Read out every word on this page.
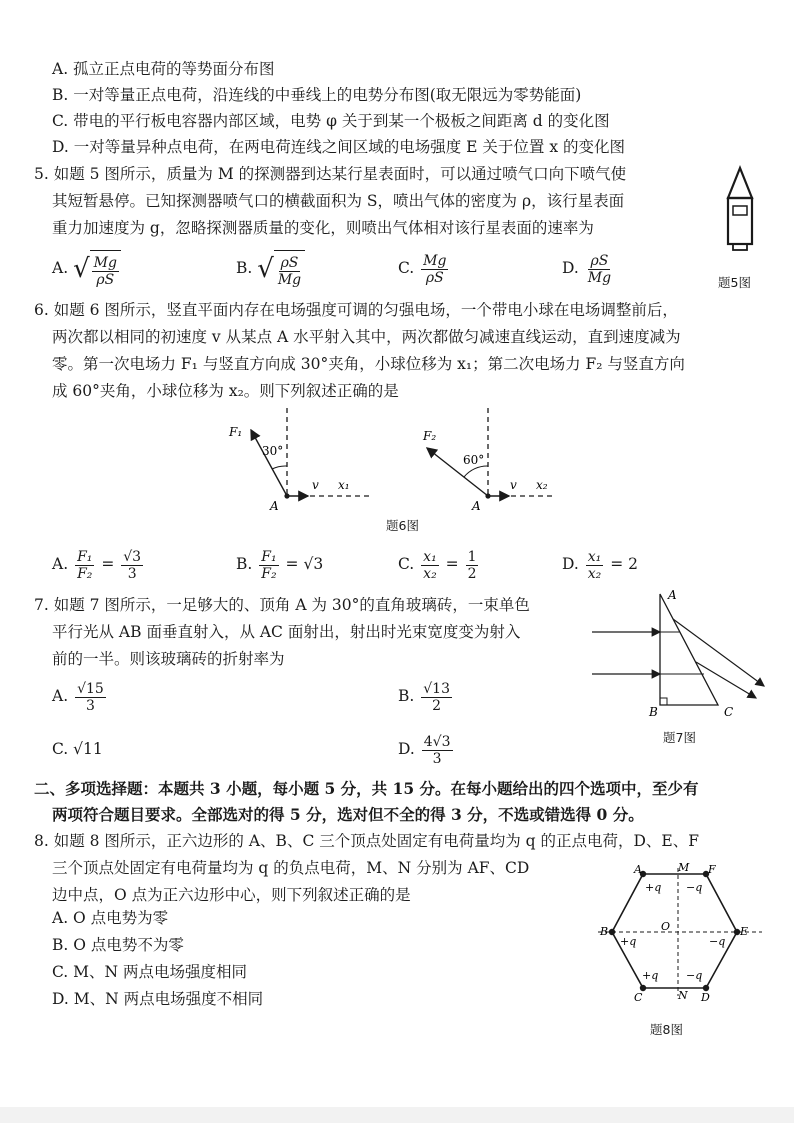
A. 孤立正点电荷的等势面分布图
B. 一对等量正点电荷，沿连线的中垂线上的电势分布图(取无限远为零势能面)
C. 带电的平行板电容器内部区域，电势 φ 关于到某一个极板之间距离 d 的变化图
D. 一对等量异种点电荷，在两电荷连线之间区域的电场强度 E 关于位置 x 的变化图
5. 如题 5 图所示，质量为 M 的探测器到达某行星表面时，可以通过喷气口向下喷气使
其短暂悬停。已知探测器喷气口的横截面积为 S，喷出气体的密度为 ρ，该行星表面
重力加速度为 g，忽略探测器质量的变化，则喷出气体相对该行星表面的速率为
A. √ $\frac{Mg}{\rho S}$	B. √ $\frac{\rho S}{Mg}$	C. $\frac{Mg}{\rho S}$	D. $\frac{\rho S}{Mg}$	题5图
6. 如题 6 图所示，竖直平面内存在电场强度可调的匀强电场，一个带电小球在电场调整前后，
两次都以相同的初速度 v 从某点 A 水平射入其中，两次都做匀减速直线运动，直到速度减为
零。第一次电场力 F₁ 与竖直方向成 30°夹角，小球位移为 x₁；第二次电场力 F₂ 与竖直方向
成 60°夹角，小球位移为 x₂。则下列叙述正确的是
F₁
30°
A
v x₁
F₂
60°
A
v x₂
题6图
A. $\frac{\text{F₁}}{\text{F₂}} = \frac{√3}{3}$	B. $\frac{\text{F₁}}{\text{F₂}} = √3$	C. $\frac{\text{x₁}}{\text{x₂}} = \frac{1}{2}$	D. $\frac{\text{x₁}}{\text{x₂}} = 2$
7. 如题 7 图所示，一足够大的、顶角 A 为 30°的直角玻璃砖，一束单色
平行光从 AB 面垂直射入，从 AC 面射出，射出时光束宽度变为射入
前的一半。则该玻璃砖的折射率为
A. $\frac{√15}{3}$	B. $\frac{√13}{2}$
C. √11	D. $\frac{4√3}{3}$
A
B	C
题7图
二、多项选择题：本题共 3 小题，每小题 5 分，共 15 分。在每小题给出的四个选项中，至少有
两项符合题目要求。全部选对的得 5 分，选对但不全的得 3 分，不选或错选得 0 分。
8. 如题 8 图所示，正六边形的 A、B、C 三个顶点处固定有电荷量均为 q 的正点电荷，D、E、F
三个顶点处固定有电荷量均为 q 的负点电荷，M、N 分别为 AF、CD
边中点，O 点为正六边形中心，则下列叙述正确的是
A. O 点电势为零
B. O 点电势不为零
C. M、N 两点电场强度相同
D. M、N 两点电场强度不相同
A	M F
B	O	E
C	N D
+q −q
+q	−q
+q	−q
题8图
